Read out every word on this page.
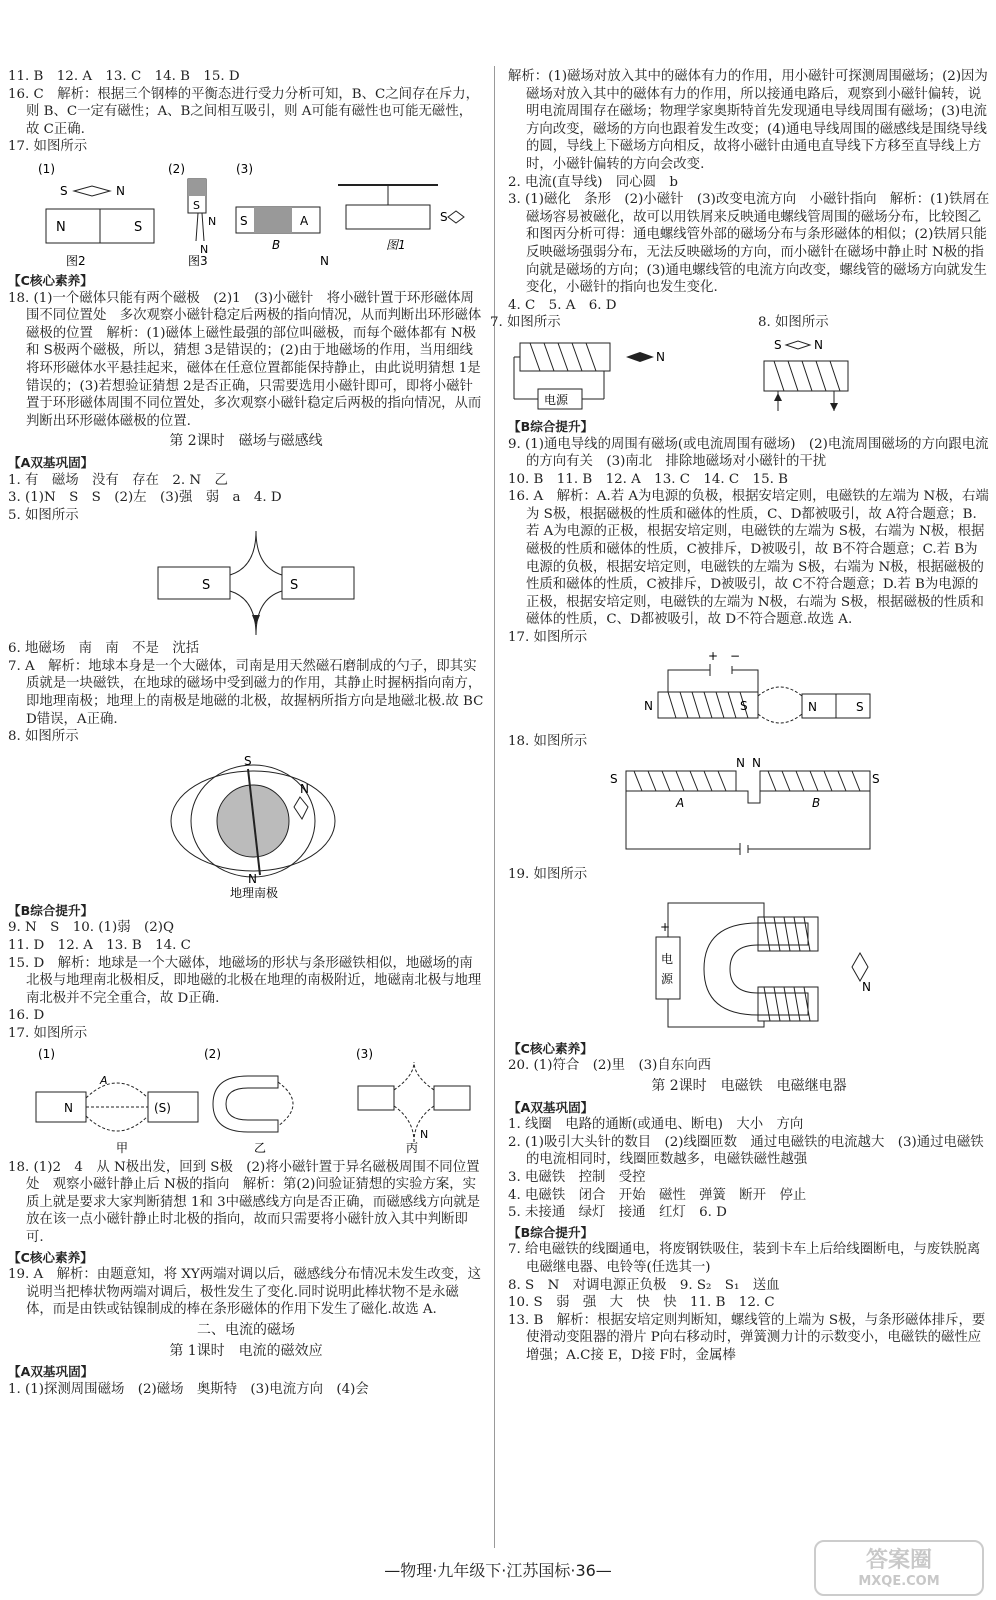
11. B　12. A　13. C　14. B　15. D
16. C　解析：根据三个钢棒的平衡态进行受力分析可知，B、C之间存在斥力，则 B、C一定有磁性；A、B之间相互吸引，则 A可能有磁性也可能无磁性，故 C正确.
17. 如图所示
(1)	(2)	(3)
S	N
N	S
S
N
N
S	A
B	图1
图2	图3	N
S
【C核心素养】
18. (1)一个磁体只能有两个磁极　(2)1　(3)小磁针　将小磁针置于环形磁体周围不同位置处　多次观察小磁针稳定后两极的指向情况，从而判断出环形磁体磁极的位置　解析：(1)磁体上磁性最强的部位叫磁极，而每个磁体都有 N极和 S极两个磁极，所以，猜想 3是错误的；(2)由于地磁场的作用，当用细线将环形磁体水平悬挂起来，磁体在任意位置都能保持静止，由此说明猜想 1是错误的；(3)若想验证猜想 2是否正确，只需要选用小磁针即可，即将小磁针置于环形磁体周围不同位置处，多次观察小磁针稳定后两极的指向情况，从而判断出环形磁体磁极的位置.
第 2课时　磁场与磁感线
【A双基巩固】
1. 有　磁场　没有　存在　2. N　乙
3. (1)N　S　S　(2)左　(3)强　弱　a　4. D
5. 如图所示
S	S
6. 地磁场　南　南　不是　沈括
7. A　解析：地球本身是一个大磁体，司南是用天然磁石磨制成的勺子，即其实质就是一块磁铁，在地球的磁场中受到磁力的作用，其静止时握柄指向南方，即地理南极；地理上的南极是地磁的北极，故握柄所指方向是地磁北极.故 BCD错误，A正确.
8. 如图所示
S
N
N
地理南极
【B综合提升】
9. N　S　10. (1)弱　(2)Q
11. D　12. A　13. B　14. C
15. D　解析：地球是一个大磁体，地磁场的形状与条形磁铁相似，地磁场的南北极与地理南北极相反，即地磁的北极在地理的南极附近，地磁南北极与地理南北极并不完全重合，故 D正确.
16. D
17. 如图所示
(1)	(2)	(3)
A
N	(S)
甲	乙	丙
N
18. (1)2　4　从 N极出发，回到 S极　(2)将小磁针置于异名磁极周围不同位置处　观察小磁针静止后 N极的指向　解析：第(2)问验证猜想的实验方案，实质上就是要求大家判断猜想 1和 3中磁感线方向是否正确，而磁感线方向就是放在该一点小磁针静止时北极的指向，故而只需要将小磁针放入其中判断即可.
【C核心素养】
19. A　解析：由题意知，将 XY两端对调以后，磁感线分布情况未发生改变，这说明当把棒状物两端对调后，极性发生了变化.同时说明此棒状物不是永磁体，而是由铁或钴镍制成的棒在条形磁体的作用下发生了磁化.故选 A.
二、电流的磁场
第 1课时　电流的磁效应
【A双基巩固】
1. (1)探测周围磁场　(2)磁场　奥斯特　(3)电流方向　(4)会
解析：(1)磁场对放入其中的磁体有力的作用，用小磁针可探测周围磁场；(2)因为磁场对放入其中的磁体有力的作用，所以接通电路后，观察到小磁针偏转，说明电流周围存在磁场；物理学家奥斯特首先发现通电导线周围有磁场；(3)电流方向改变，磁场的方向也跟着发生改变；(4)通电导线周围的磁感线是围绕导线的圆，导线上下磁场方向相反，故将小磁针由通电直导线下方移至直导线上方时，小磁针偏转的方向会改变.
2. 电流(直导线)　同心圆　b
3. (1)磁化　条形　(2)小磁针　(3)改变电流方向　小磁针指向　解析：(1)铁屑在磁场容易被磁化，故可以用铁屑来反映通电螺线管周围的磁场分布，比较图乙和图丙分析可得：通电螺线管外部的磁场分布与条形磁体的相似；(2)铁屑只能反映磁场强弱分布，无法反映磁场的方向，而小磁针在磁场中静止时 N极的指向就是磁场的方向；(3)通电螺线管的电流方向改变，螺线管的磁场方向就发生变化，小磁针的指向也发生变化.
4. C　5. A　6. D
7. 如图所示	8. 如图所示
电源
N
S	N
【B综合提升】
9. (1)通电导线的周围有磁场(或电流周围有磁场)　(2)电流周围磁场的方向跟电流的方向有关　(3)南北　排除地磁场对小磁针的干扰
10. B　11. B　12. A　13. C　14. C　15. B
16. A　解析：A.若 A为电源的负极，根据安培定则，电磁铁的左端为 N极，右端为 S极，根据磁极的性质和磁体的性质，C、D都被吸引，故 A符合题意；B.若 A为电源的正极，根据安培定则，电磁铁的左端为 S极，右端为 N极，根据磁极的性质和磁体的性质，C被排斥，D被吸引，故 B不符合题意；C.若 B为电源的负极，根据安培定则，电磁铁的左端为 S极，右端为 N极，根据磁极的性质和磁体的性质，C被排斥，D被吸引，故 C不符合题意；D.若 B为电源的正极，根据安培定则，电磁铁的左端为 N极，右端为 S极，根据磁极的性质和磁体的性质，C、D都被吸引，故 D不符合题意.故选 A.
17. 如图所示
+ −
N	S	N	S
18. 如图所示
S
N N
S
A	B
19. 如图所示
+
电
源
N
【C核心素养】
20. (1)符合　(2)里　(3)自东向西
第 2课时　电磁铁　电磁继电器
【A双基巩固】
1. 线圈　电路的通断(或通电、断电)　大小　方向
2. (1)吸引大头针的数目　(2)线圈匝数　通过电磁铁的电流越大　(3)通过电磁铁的电流相同时，线圈匝数越多，电磁铁磁性越强
3. 电磁铁　控制　受控
4. 电磁铁　闭合　开始　磁性　弹簧　断开　停止
5. 未接通　绿灯　接通　红灯　6. D
【B综合提升】
7. 给电磁铁的线圈通电，将废钢铁吸住，装到卡车上后给线圈断电，与废铁脱离　电磁继电器、电铃等(任选其一)
8. S　N　对调电源正负极　9. S₂　S₁　送血
10. S　弱　强　大　快　快　11. B　12. C
13. B　解析：根据安培定则判断知，螺线管的上端为 S极，与条形磁体排斥，要使滑动变阻器的滑片 P向右移动时，弹簧测力计的示数变小，电磁铁的磁性应增强；A.C接 E，D接 F时，金属棒
—物理·九年级下·江苏国标·36—	答案圈
MXQE.COM
